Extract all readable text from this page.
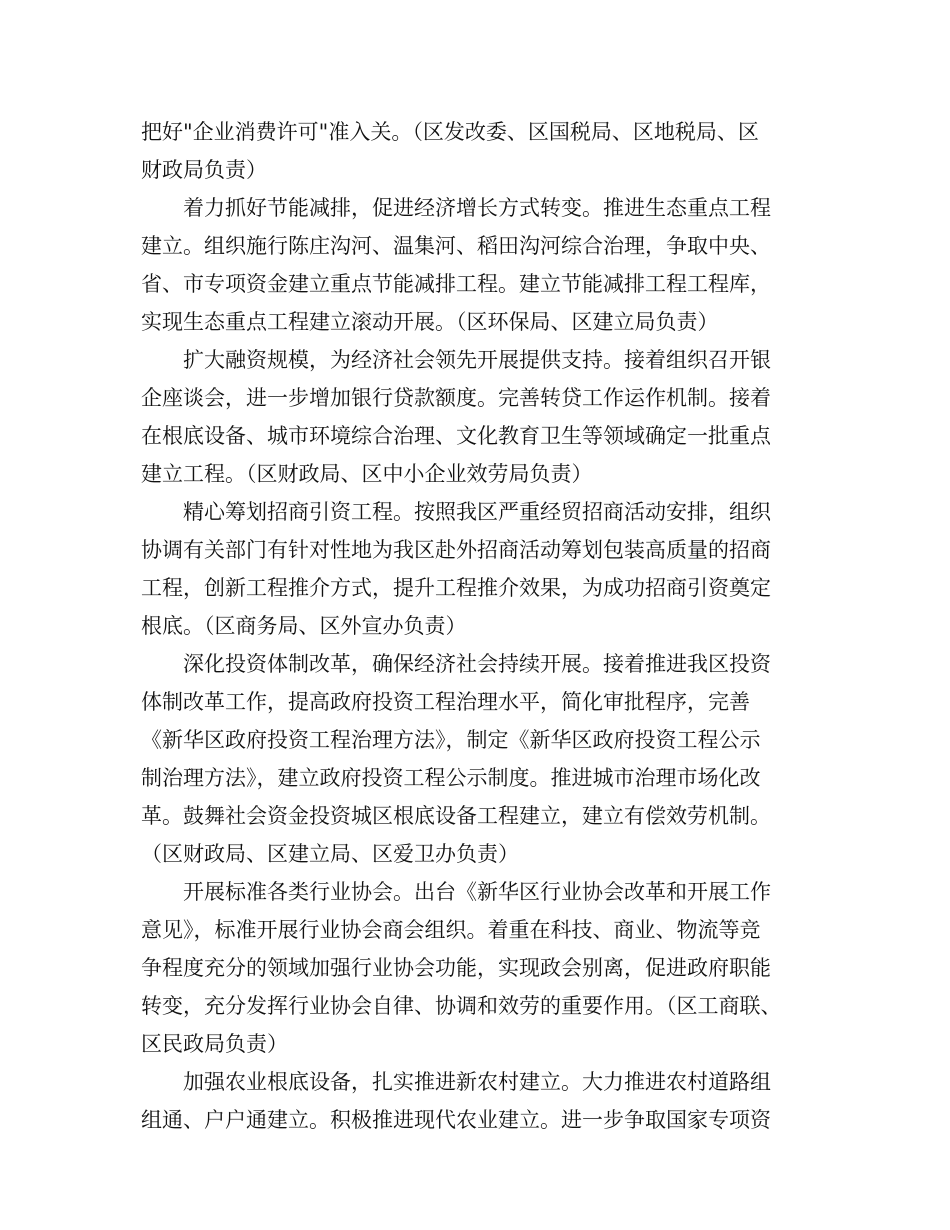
把好"企业消费许可"准入关。（区发改委、区国税局、区地税局、区
财政局负责）
着力抓好节能减排，促进经济增长方式转变。推进生态重点工程
建立。组织施行陈庄沟河、温集河、稻田沟河综合治理，争取中央、
省、市专项资金建立重点节能减排工程。建立节能减排工程工程库，
实现生态重点工程建立滚动开展。（区环保局、区建立局负责）
扩大融资规模，为经济社会领先开展提供支持。接着组织召开银
企座谈会，进一步增加银行贷款额度。完善转贷工作运作机制。接着
在根底设备、城市环境综合治理、文化教育卫生等领域确定一批重点
建立工程。（区财政局、区中小企业效劳局负责）
精心筹划招商引资工程。按照我区严重经贸招商活动安排，组织
协调有关部门有针对性地为我区赴外招商活动筹划包装高质量的招商
工程，创新工程推介方式，提升工程推介效果，为成功招商引资奠定
根底。（区商务局、区外宣办负责）
深化投资体制改革，确保经济社会持续开展。接着推进我区投资
体制改革工作，提高政府投资工程治理水平，简化审批程序，完善
《新华区政府投资工程治理方法》，制定《新华区政府投资工程公示
制治理方法》，建立政府投资工程公示制度。推进城市治理市场化改
革。鼓舞社会资金投资城区根底设备工程建立，建立有偿效劳机制。
（区财政局、区建立局、区爱卫办负责）
开展标准各类行业协会。出台《新华区行业协会改革和开展工作
意见》，标准开展行业协会商会组织。着重在科技、商业、物流等竞
争程度充分的领域加强行业协会功能，实现政会别离，促进政府职能
转变，充分发挥行业协会自律、协调和效劳的重要作用。（区工商联、
区民政局负责）
加强农业根底设备，扎实推进新农村建立。大力推进农村道路组
组通、户户通建立。积极推进现代农业建立。进一步争取国家专项资
